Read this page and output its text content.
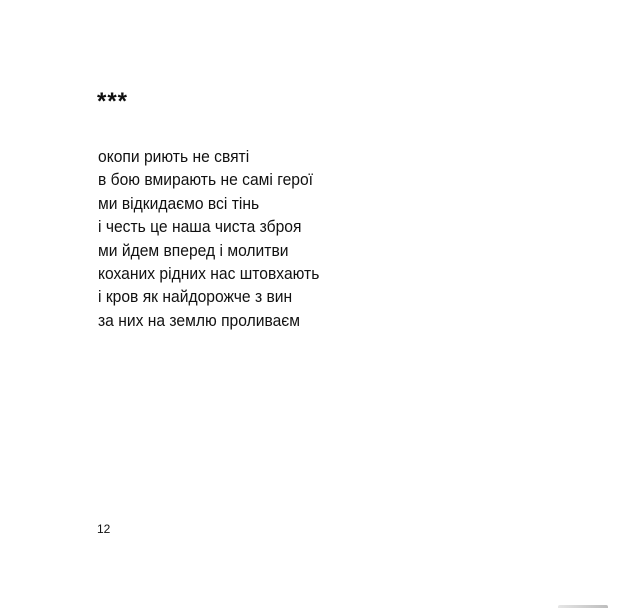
***
окопи риють не святі
в бою вмирають не самі герої
ми відкидаємо всі тінь
і честь це наша чиста зброя
ми йдем вперед і молитви
коханих рідних нас штовхають
і кров як найдорожче з вин
за них на землю проливаєм
12
